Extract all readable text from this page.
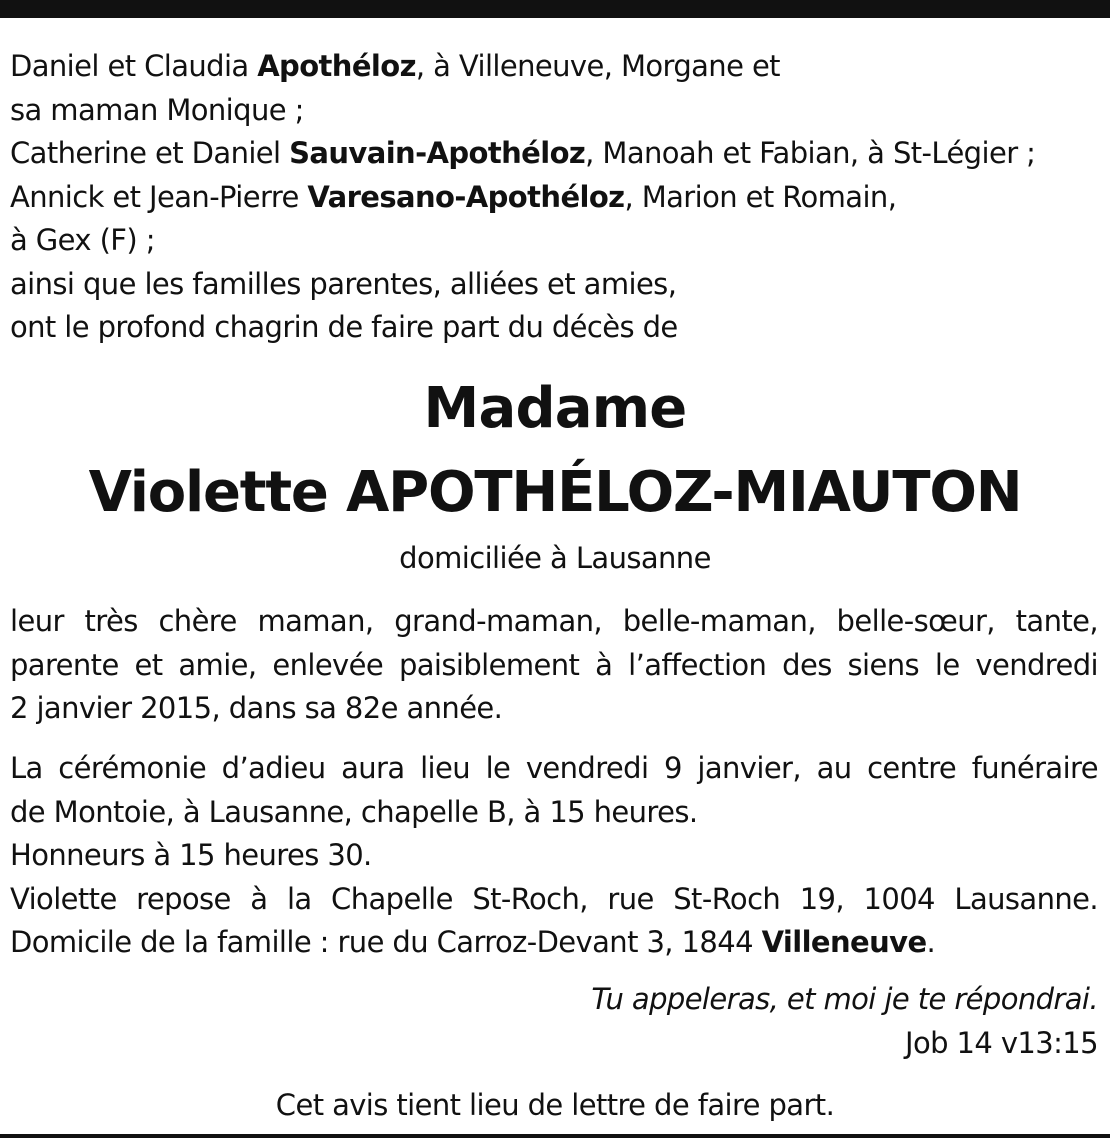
Daniel et Claudia Apothéloz, à Villeneuve, Morgane et
sa maman Monique ;
Catherine et Daniel Sauvain-Apothéloz, Manoah et Fabian, à St-Légier ;
Annick et Jean-Pierre Varesano-Apothéloz, Marion et Romain,
à Gex (F) ;
ainsi que les familles parentes, alliées et amies,
ont le profond chagrin de faire part du décès de
Madame
Violette APOTHÉLOZ-MIAUTON
domiciliée à Lausanne
leur très chère maman, grand-maman, belle-maman, belle-sœur, tante,
parente et amie, enlevée paisiblement à l’affection des siens le vendredi
2 janvier 2015, dans sa 82e année.
La cérémonie d’adieu aura lieu le vendredi 9 janvier, au centre funéraire
de Montoie, à Lausanne, chapelle B, à 15 heures.
Honneurs à 15 heures 30.
Violette repose à la Chapelle St-Roch, rue St-Roch 19, 1004 Lausanne.
Domicile de la famille : rue du Carroz-Devant 3, 1844 Villeneuve.
Tu appeleras, et moi je te répondrai.
Job 14 v13:15
Cet avis tient lieu de lettre de faire part.
